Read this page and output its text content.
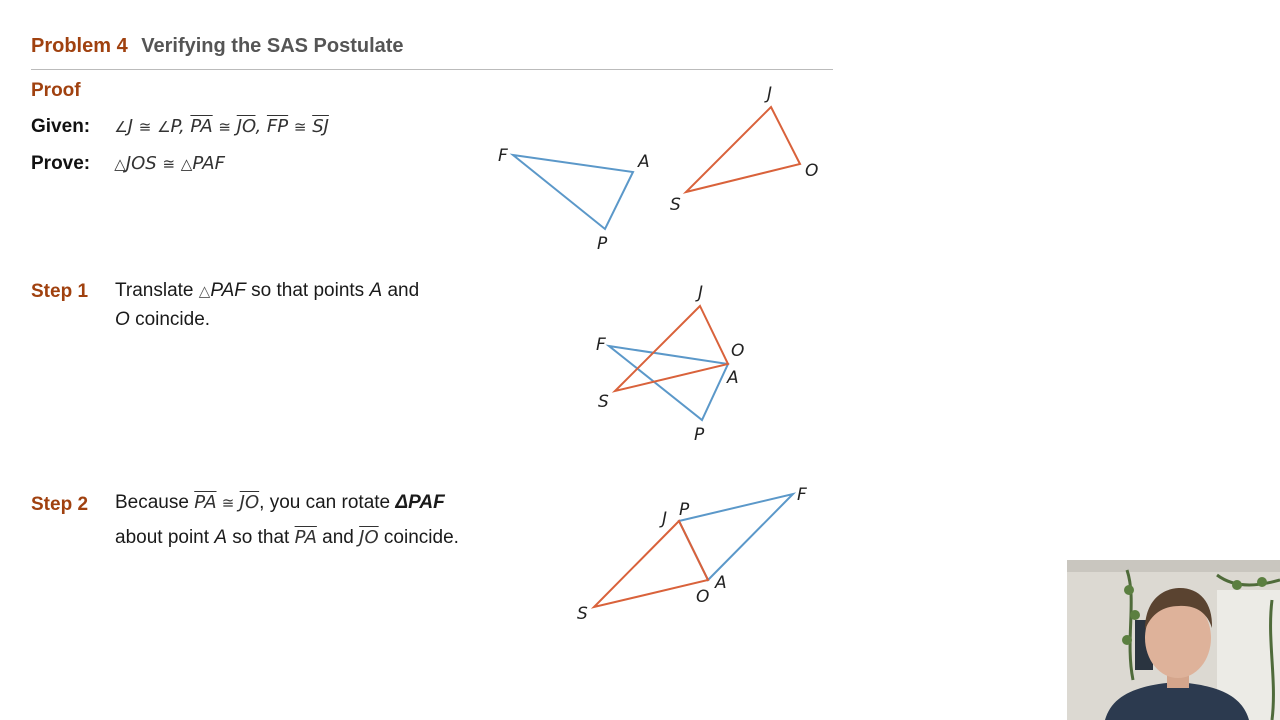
Problem 4 Verifying the SAS Postulate
Proof
Given: ∠J ≅ ∠P, $\overline{PA}$ ≅ $\overline{JO}$, $\overline{FP}$ ≅ $\overline{SJ}$
Prove: △JOS ≅ △PAF
Step 1 Translate △PAF so that points A and
O coincide.
Step 2 Because $\overline{PA}$ ≅ $\overline{JO}$, you can rotate ΔPAF
about point A so that $\overline{PA}$ and $\overline{JO}$ coincide.
F	A
P
J
O
S
J
F	O
A
S
P
J P
F
S
O
A
